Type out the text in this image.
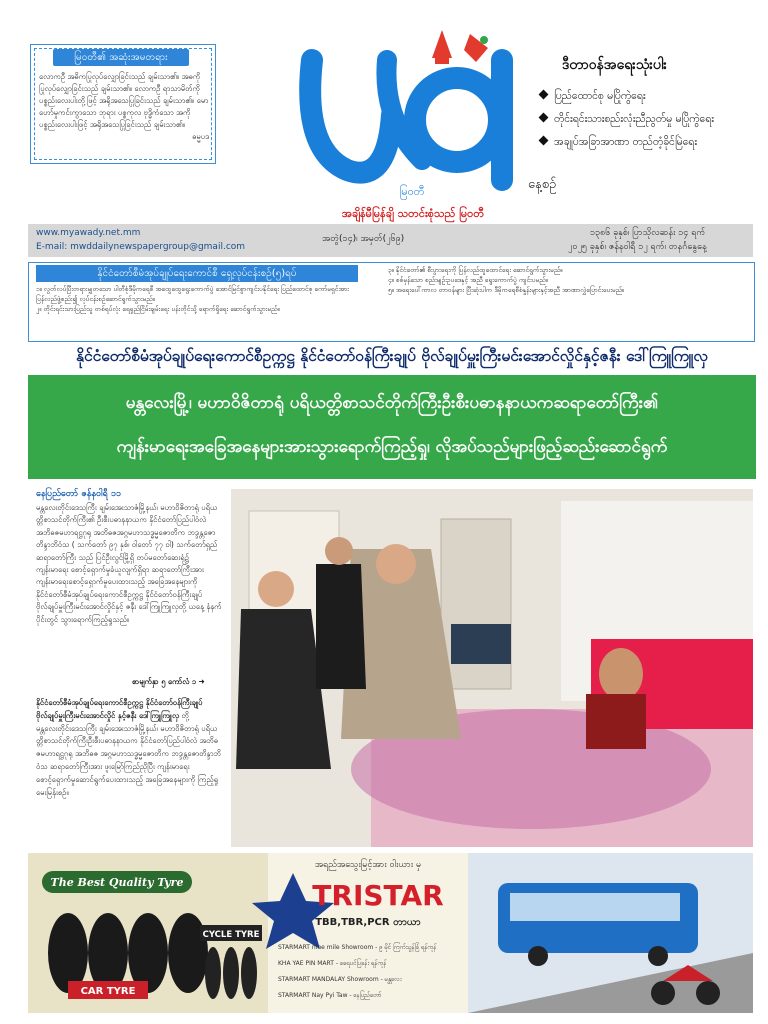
မြဝတီ၏ အဆုံးအမတရား
လောကဦ အဓိကပြုလုပ်လျှောခြင်းသည် ချမ်းသာ၏။ အဓကိုပြုလုပ်လျှောခြင်းသည် ချမ်းသာ၏။ လောကဦ ရာသာမိတ်ကို ပစ္စည်းလေးပါးတို့ဖြင့် အရိုအသေပြုခြင်းသည် ချမ်းသာ၏။ မောဟော်မှုကင်းကွာသော ဘုရား ပစ္စကုလ ဗုဒ္ဓိကံသော အကို ပစ္စည်းလေးပါးဖြင့် အရိုအသေပြုခြင်းသည် ချမ်းသာ၏။
ဓမ္မပဒ
မြဝတီ	နေ့စဉ်
အချိန်မီမြန်ချိ သတင်းစုံသည် မြဝတီ
ဒီတာဝန်အရေးသုံးပါး
ပြည်ထောင်စု မပြိုကွဲရေး
တိုင်းရင်းသားစည်းလုံးညီညွတ်မှု မပြိုကွဲရေး
အချုပ်အခြာအာဏာ တည်တံ့ခိုင်မြဲရေး
www.myawady.net.mm
E-mail: mwddailynewspapergroup@gmail.com
အတွဲ(၁၄)၊ အမှတ်(၂၆၉)
၁၃၈၆ ခုနှစ်၊ ပြာသိုလဆန်း ၁၄ ရက်
၂၀၂၅ ခုနှစ်၊ ဇန်နဝါရီ ၁၂ ရက်၊ တနင်္ဂနွေနေ့
နိုင်ငံတော်စီမံအုပ်ချုပ်ရေးကောင်စီ ရှေ့လုပ်ငန်းစဉ်(၅)ရပ်
၁။ လွတ်လပ်ပြီးတရားမျှတသော ပါတီစုံဒီမိုကရေစီ အထွေထွေရွေးကောက်ပွဲ အောင်မြင်စွာကျင်းပနိုင်ရေး ပြည်ထောင်စု ကော်မရှင်အား ပြန်လည်ဖွဲ့စည်း၍ လုပ်ငန်းစဉ်ဆောင်ရွက်သွားမည်။
၂။ တိုင်းရင်းသားပြည်သူ တစ်ရပ်လုံး ရေရှည်ငြိမ်းချမ်းရေး ပန်းတိုင်သို့ ရောက်ရှိရေး ဆောင်ရွက်သွားမည်။
၃။ နိုင်ငံတော်၏ စီးပွားရေးကို ပြန်လည်ထူထောင်ရေး ဆောင်ရွက်သွားမည်။
၄။ စစ်မှန်သော စည်းမျဉ်းဥပဒေနှင့် အညီ ရွေးကောက်ပွဲ ကျင်းပမည်။
၅။ အရေးပေါ်ကာလ တာဝန်များ ပြီးဆုံးပါက ဒီမိုကရေစီစံနှုန်းများနှင့်အညီ အာဏာလွှဲပြောင်းပေးမည်။
နိုင်ငံတော်စီမံအုပ်ချုပ်ရေးကောင်စီဥက္ကဋ္ဌ နိုင်ငံတော်ဝန်ကြီးချုပ် ဗိုလ်ချုပ်မှူးကြီးမင်းအောင်လှိုင်နှင့်ဇနီး ဒေါ်ကြူကြူလှ
မန္တလေးမြို့၊ မဟာဝိဇိတာရုံ ပရိယတ္တိစာသင်တိုက်ကြီးဦးစီးပဓာနနာယကဆရာတော်ကြီး၏
ကျန်းမာရေးအခြေအနေများအားသွားရောက်ကြည့်ရှု၊ လိုအပ်သည်များဖြည့်ဆည်းဆောင်ရွက်
နေပြည်တော် ဇန်နဝါရီ ၁၁
မန္တလေးတိုင်းဒေသကြီး ချမ်းအေးသာဇံမြို့နယ်၊ မဟာဝိဇိတာရုံ ပရိယတ္တိစာသင်တိုက်ကြီး၏ ဦးစီးပဓာနနာယက နိုင်ငံတော်ပြည်ပါဝံလဲ အဘိဓဇမဟာရဋ္ဌဂုရု အဘိဓဇအဂ္ဂမဟာသဒ္ဓမ္မဇောတိက ဘဒ္ဒန္တဇောတိန္ဒာဘိဝံသ ( သက်တော် ၉၇ နှစ်၊ ဝါတော် ၇၇ ဝါ) သက်တော်ရှည်ဆရာတော်ကြီး သည် ပြင်ဦးလွင်မြို့ရှိ တပ်မတော်ဆေးရုံ၌ ကျန်းမာရေး စောင့်ရှောက်မှုခံယူလျက်ရှိရာ ဆရာတော်ကြီးအား ကျန်းမာရေးစောင့်ရှောက်မှုပေးထားသည့် အခြေအနေများကို နိုင်ငံတော်စီမံအုပ်ချုပ်ရေးကောင်စီဥက္ကဋ္ဌ နိုင်ငံတော်ဝန်ကြီးချုပ် ဗိုလ်ချုပ်မှူးကြီးမင်းအောင်လှိုင်နှင့် ဇနီး ဒေါ်ကြူကြူလှတို့ ယနေ့ နံနက်ပိုင်းတွင် သွားရောက်ကြည့်ရှုသည်။
စာမျက်နှာ ၅ ကော်လံ ၁ ➜
နိုင်ငံတော်စီမံအုပ်ချုပ်ရေးကောင်စီဥက္ကဋ္ဌ နိုင်ငံတော်ဝန်ကြီးချုပ် ဗိုလ်ချုပ်မှူးကြီးမင်းအောင်လှိုင် နှင့်ဇနီး ဒေါ်ကြူကြူလှ တို့ မန္တလေးတိုင်းဒေသကြီး ချမ်းအေးသာဇံမြို့နယ်၊ မဟာဝိဇိတာရုံ ပရိယတ္တိစာသင်တိုက်ကြီးဦးစီးပဓာနနာယက နိုင်ငံတော်ပြည်ပါဝံလဲ အဘိဓဇမဟာရဋ္ဌဂုရု အဘိဓဇ အဂ္ဂမဟာသဒ္ဓမ္မဇောတိက ဘဒ္ဒန္တဇောတိန္ဒာဘိဝံသ ဆရာတော်ကြီးအား ဖူးမြော်ကြည်ညိုပြီး ကျန်းမာရေးစောင့်ရှောက်မှုဆောင်ရွက်ပေးထားသည့် အခြေအနေများကို ကြည့်ရှုမေးမြန်းစဉ်။
The Best Quality Tyre
CAR TYRE
CYCLE TYRE
အရည်အသွေးမြင့်အား ဝါးယား မှ
TRISTAR
TBB,TBR,PCR တာယာ
STARMART nine mile Showroom - ၉ မိုင် ကြက်သွန်ခြံ ရန်ကုန်
KHA YAE PIN MART - ခရေပင်ပြခန်း ရန်ကုန်
STARMART MANDALAY Showroom - မန္တလေး
STARMART Nay Pyi Taw - နေပြည်တော်
